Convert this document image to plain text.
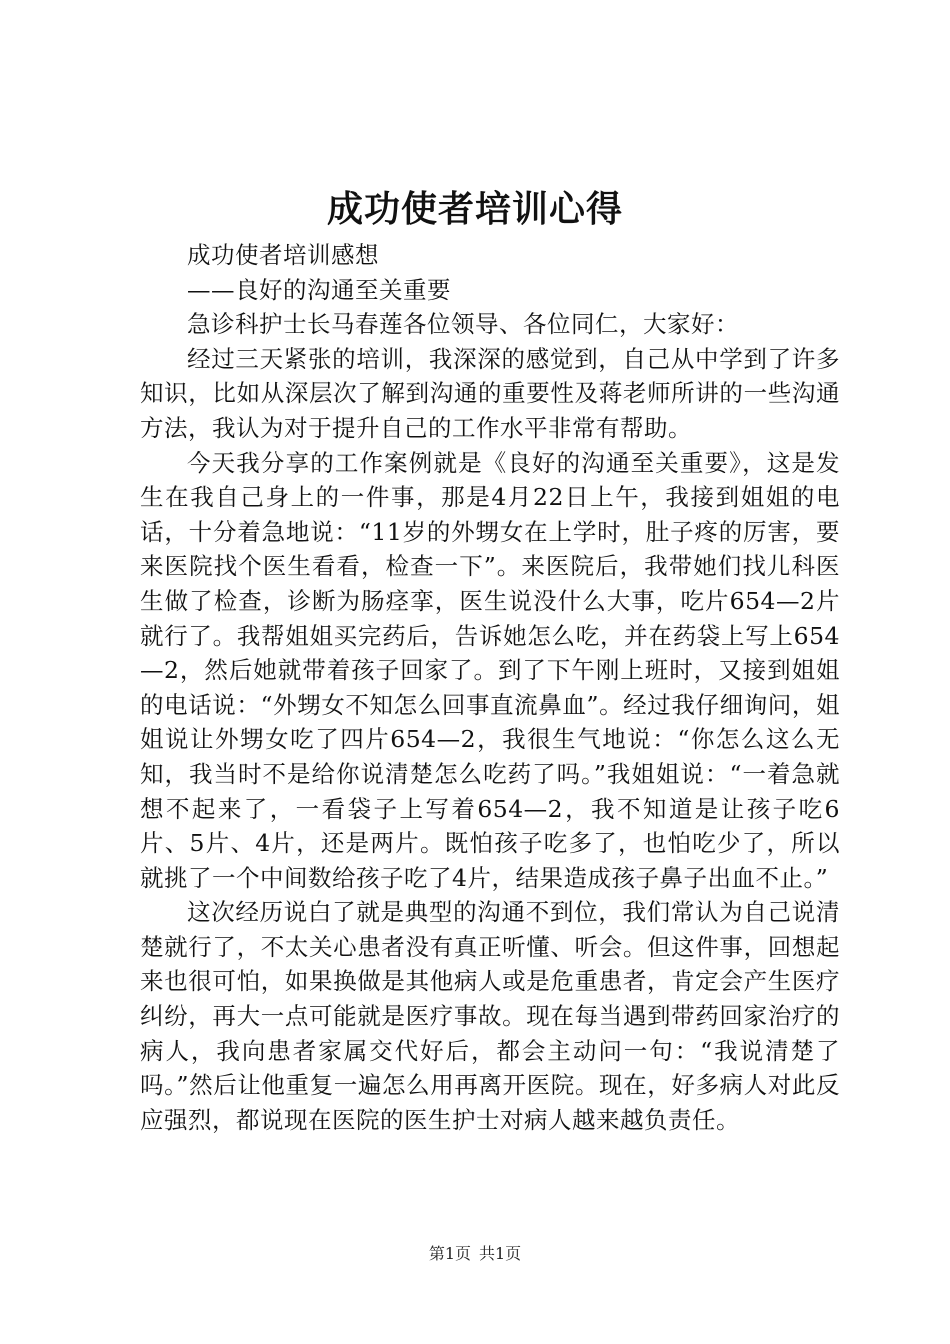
成功使者培训心得

成功使者培训感想

——良好的沟通至关重要

急诊科护士长马春莲各位领导、各位同仁，大家好：

经过三天紧张的培训，我深深的感觉到，自己从中学到了许多知识，比如从深层次了解到沟通的重要性及蒋老师所讲的一些沟通方法，我认为对于提升自己的工作水平非常有帮助。

今天我分享的工作案例就是《良好的沟通至关重要》，这是发生在我自己身上的一件事，那是4月22日上午，我接到姐姐的电话，十分着急地说：“11岁的外甥女在上学时，肚子疼的厉害，要来医院找个医生看看，检查一下”。来医院后，我带她们找儿科医生做了检查，诊断为肠痉挛，医生说没什么大事，吃片654—2片就行了。我帮姐姐买完药后，告诉她怎么吃，并在药袋上写上654—2，然后她就带着孩子回家了。到了下午刚上班时，又接到姐姐的电话说：“外甥女不知怎么回事直流鼻血”。经过我仔细询问，姐姐说让外甥女吃了四片654—2，我很生气地说：“你怎么这么无知，我当时不是给你说清楚怎么吃药了吗。”我姐姐说：“一着急就想不起来了，一看袋子上写着654—2，我不知道是让孩子吃6片、5片、4片，还是两片。既怕孩子吃多了，也怕吃少了，所以就挑了一个中间数给孩子吃了4片，结果造成孩子鼻子出血不止。”

这次经历说白了就是典型的沟通不到位，我们常认为自己说清楚就行了，不太关心患者没有真正听懂、听会。但这件事，回想起来也很可怕，如果换做是其他病人或是危重患者，肯定会产生医疗纠纷，再大一点可能就是医疗事故。现在每当遇到带药回家治疗的病人，我向患者家属交代好后，都会主动问一句：“我说清楚了吗。”然后让他重复一遍怎么用再离开医院。现在，好多病人对此反应强烈，都说现在医院的医生护士对病人越来越负责任。

第1页 共1页
